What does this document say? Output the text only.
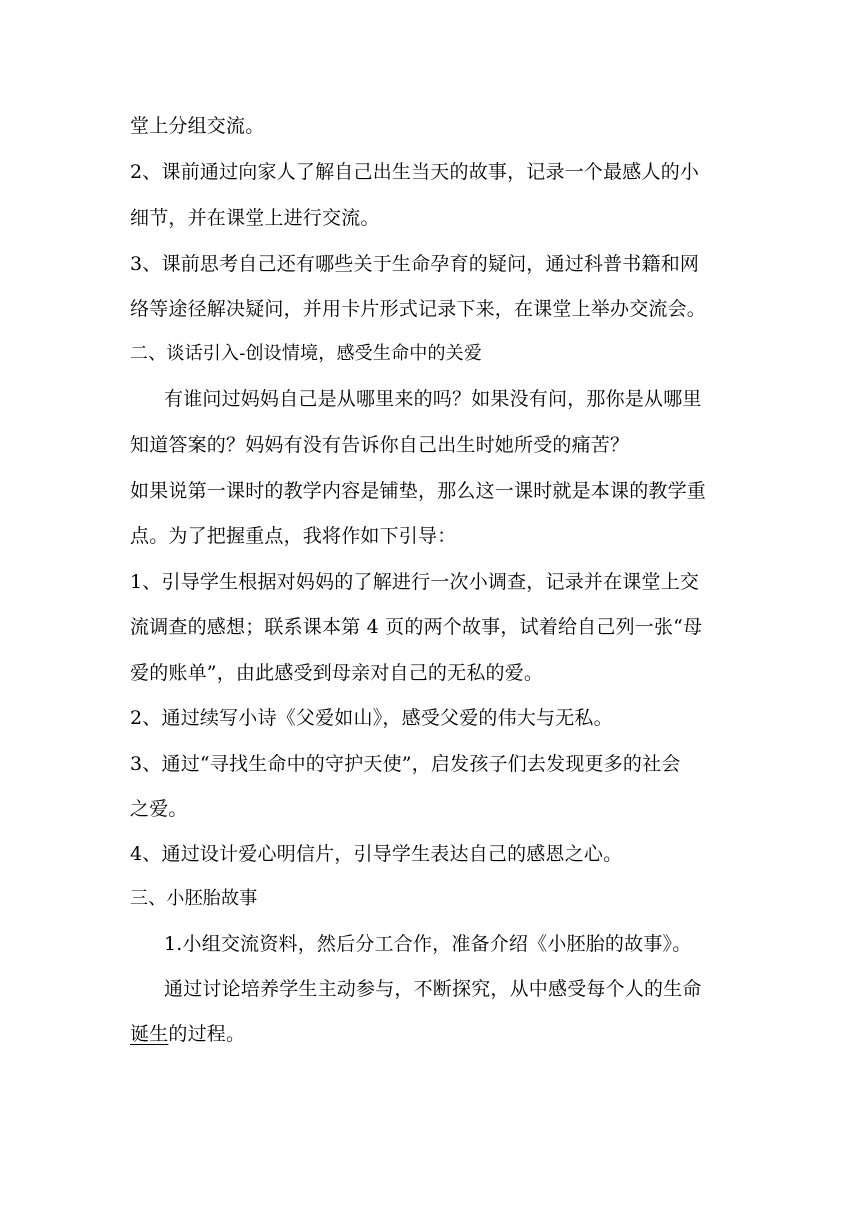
堂上分组交流。
2、课前通过向家人了解自己出生当天的故事，记录一个最感人的小
细节，并在课堂上进行交流。
3、课前思考自己还有哪些关于生命孕育的疑问，通过科普书籍和网
络等途径解决疑问，并用卡片形式记录下来，在课堂上举办交流会。
二、谈话引入-创设情境，感受生命中的关爱
有谁问过妈妈自己是从哪里来的吗？如果没有问，那你是从哪里
知道答案的？妈妈有没有告诉你自己出生时她所受的痛苦？
如果说第一课时的教学内容是铺垫，那么这一课时就是本课的教学重
点。为了把握重点，我将作如下引导：
1、引导学生根据对妈妈的了解进行一次小调查，记录并在课堂上交
流调查的感想；联系课本第 4 页的两个故事，试着给自己列一张“母
爱的账单”，由此感受到母亲对自己的无私的爱。
2、通过续写小诗《父爱如山》，感受父爱的伟大与无私。
3、通过“寻找生命中的守护天使”，启发孩子们去发现更多的社会
之爱。
4、通过设计爱心明信片，引导学生表达自己的感恩之心。
三、小胚胎故事
1.小组交流资料，然后分工合作，准备介绍《小胚胎的故事》。
通过讨论培养学生主动参与，不断探究，从中感受每个人的生命
诞生的过程。
